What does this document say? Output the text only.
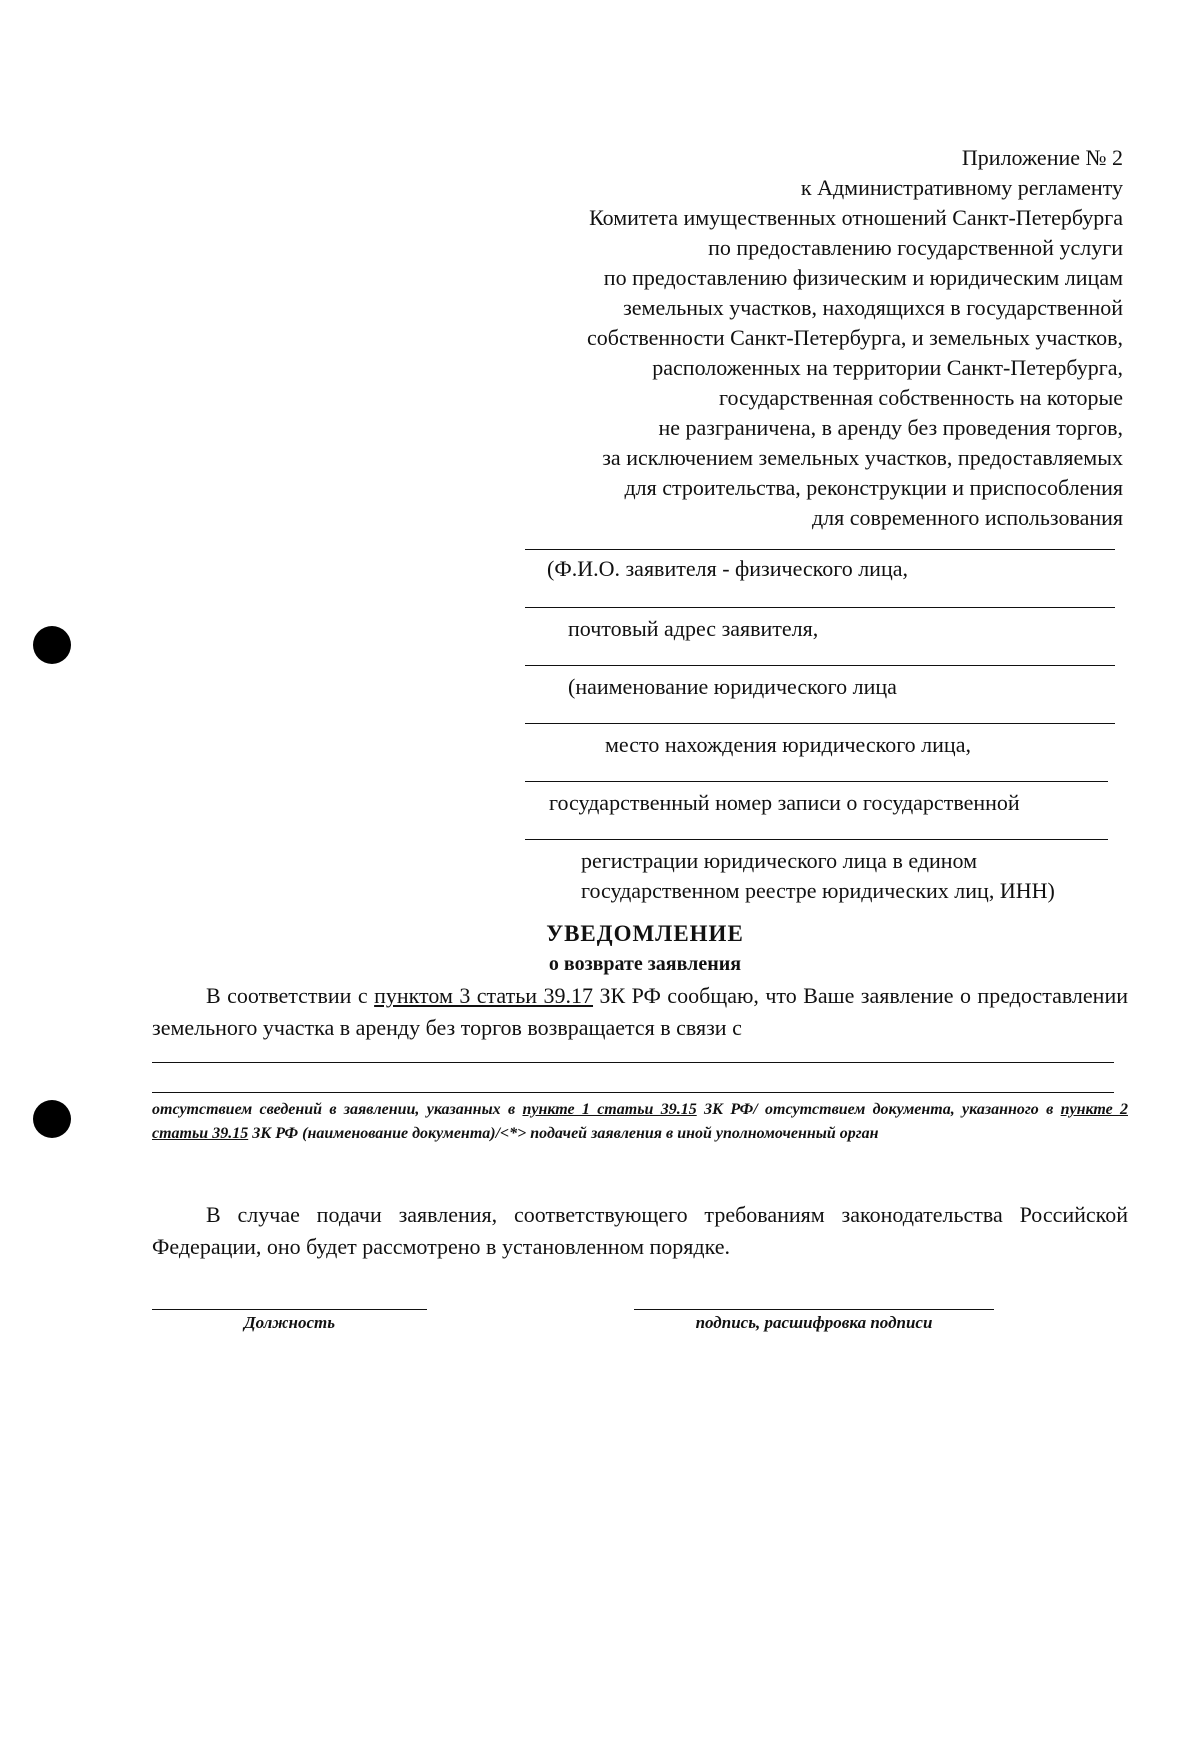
Приложение № 2
к Административному регламенту
Комитета имущественных отношений Санкт-Петербурга
по предоставлению государственной услуги
по предоставлению физическим и юридическим лицам
земельных участков, находящихся в государственной
собственности Санкт-Петербурга, и земельных участков,
расположенных на территории Санкт-Петербурга,
государственная собственность на которые
не разграничена, в аренду без проведения торгов,
за исключением земельных участков, предоставляемых
для строительства, реконструкции и приспособления
для современного использования
(Ф.И.О. заявителя - физического лица,
почтовый адрес заявителя,
(наименование юридического лица
место нахождения юридического лица,
государственный номер записи о государственной
регистрации юридического лица в едином
государственном реестре юридических лиц, ИНН)
УВЕДОМЛЕНИЕ
о возврате заявления
В соответствии с пунктом 3 статьи 39.17 ЗК РФ сообщаю, что Ваше заявление о предоставлении земельного участка в аренду без торгов возвращается в связи с
отсутствием сведений в заявлении, указанных в пункте 1 статьи 39.15 ЗК РФ/ отсутствием документа, указанного в пункте 2 статьи 39.15 ЗК РФ (наименование документа)/<*> подачей заявления в иной уполномоченный орган
В случае подачи заявления, соответствующего требованиям законодательства Российской Федерации, оно будет рассмотрено в установленном порядке.
Должность	подпись, расшифровка подписи
